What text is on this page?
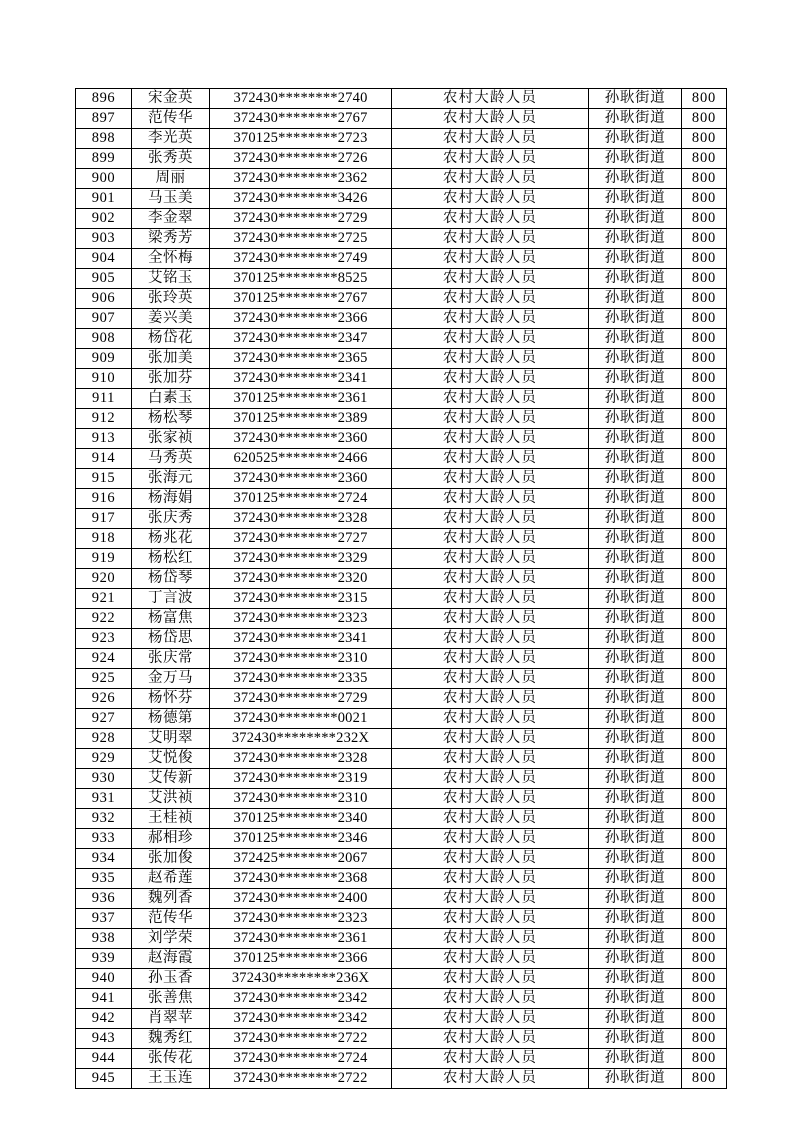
896	宋金英	372430********2740	农村大龄人员	孙耿街道	800
897	范传华	372430********2767	农村大龄人员	孙耿街道	800
898	李光英	370125********2723	农村大龄人员	孙耿街道	800
899	张秀英	372430********2726	农村大龄人员	孙耿街道	800
900	周丽	372430********2362	农村大龄人员	孙耿街道	800
901	马玉美	372430********3426	农村大龄人员	孙耿街道	800
902	李金翠	372430********2729	农村大龄人员	孙耿街道	800
903	梁秀芳	372430********2725	农村大龄人员	孙耿街道	800
904	全怀梅	372430********2749	农村大龄人员	孙耿街道	800
905	艾铭玉	370125********8525	农村大龄人员	孙耿街道	800
906	张玲英	370125********2767	农村大龄人员	孙耿街道	800
907	姜兴美	372430********2366	农村大龄人员	孙耿街道	800
908	杨岱花	372430********2347	农村大龄人员	孙耿街道	800
909	张加美	372430********2365	农村大龄人员	孙耿街道	800
910	张加芬	372430********2341	农村大龄人员	孙耿街道	800
911	白素玉	370125********2361	农村大龄人员	孙耿街道	800
912	杨松琴	370125********2389	农村大龄人员	孙耿街道	800
913	张家祯	372430********2360	农村大龄人员	孙耿街道	800
914	马秀英	620525********2466	农村大龄人员	孙耿街道	800
915	张海元	372430********2360	农村大龄人员	孙耿街道	800
916	杨海娟	370125********2724	农村大龄人员	孙耿街道	800
917	张庆秀	372430********2328	农村大龄人员	孙耿街道	800
918	杨兆花	372430********2727	农村大龄人员	孙耿街道	800
919	杨松红	372430********2329	农村大龄人员	孙耿街道	800
920	杨岱琴	372430********2320	农村大龄人员	孙耿街道	800
921	丁言波	372430********2315	农村大龄人员	孙耿街道	800
922	杨富焦	372430********2323	农村大龄人员	孙耿街道	800
923	杨岱思	372430********2341	农村大龄人员	孙耿街道	800
924	张庆常	372430********2310	农村大龄人员	孙耿街道	800
925	金万马	372430********2335	农村大龄人员	孙耿街道	800
926	杨怀芬	372430********2729	农村大龄人员	孙耿街道	800
927	杨德第	372430********0021	农村大龄人员	孙耿街道	800
928	艾明翠	372430********232X	农村大龄人员	孙耿街道	800
929	艾悦俊	372430********2328	农村大龄人员	孙耿街道	800
930	艾传新	372430********2319	农村大龄人员	孙耿街道	800
931	艾洪祯	372430********2310	农村大龄人员	孙耿街道	800
932	王桂祯	370125********2340	农村大龄人员	孙耿街道	800
933	郝相珍	370125********2346	农村大龄人员	孙耿街道	800
934	张加俊	372425********2067	农村大龄人员	孙耿街道	800
935	赵希莲	372430********2368	农村大龄人员	孙耿街道	800
936	魏列香	372430********2400	农村大龄人员	孙耿街道	800
937	范传华	372430********2323	农村大龄人员	孙耿街道	800
938	刘学荣	372430********2361	农村大龄人员	孙耿街道	800
939	赵海霞	370125********2366	农村大龄人员	孙耿街道	800
940	孙玉香	372430********236X	农村大龄人员	孙耿街道	800
941	张善焦	372430********2342	农村大龄人员	孙耿街道	800
942	肖翠苹	372430********2342	农村大龄人员	孙耿街道	800
943	魏秀红	372430********2722	农村大龄人员	孙耿街道	800
944	张传花	372430********2724	农村大龄人员	孙耿街道	800
945	王玉连	372430********2722	农村大龄人员	孙耿街道	800
